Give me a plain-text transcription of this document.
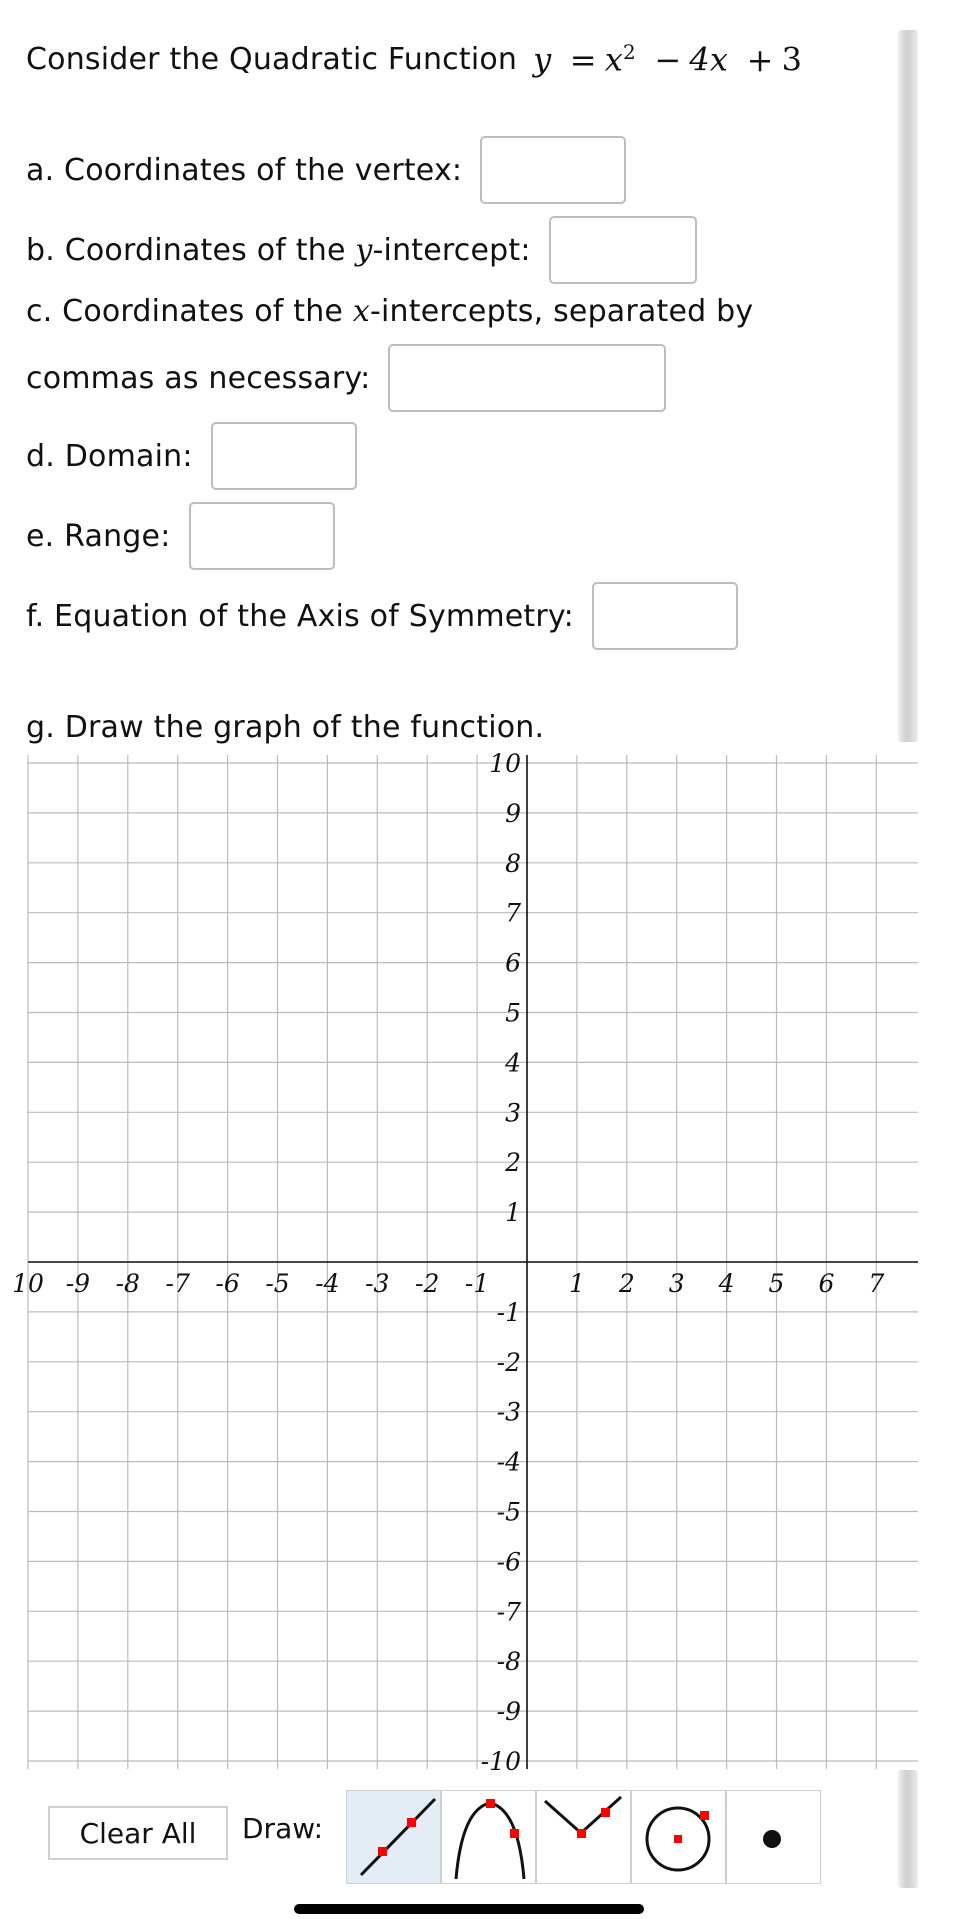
Consider the Quadratic Function $y = x^2 - 4x + 3$
a. Coordinates of the vertex:
b. Coordinates of the y-intercept:
c. Coordinates of the x-intercepts, separated by
commas as necessary:
d. Domain:
e. Range:
f. Equation of the Axis of Symmetry:
g. Draw the graph of the function.
10 -9 -8 -7 -6 -5 -4 -3 -2 -1	1 2 3 4 5 6 7
10
9
8
7
6
5
4
3
2
1
-1
-2
-3
-4
-5
-6
-7
-8
-9
-10
Clear All	Draw:
